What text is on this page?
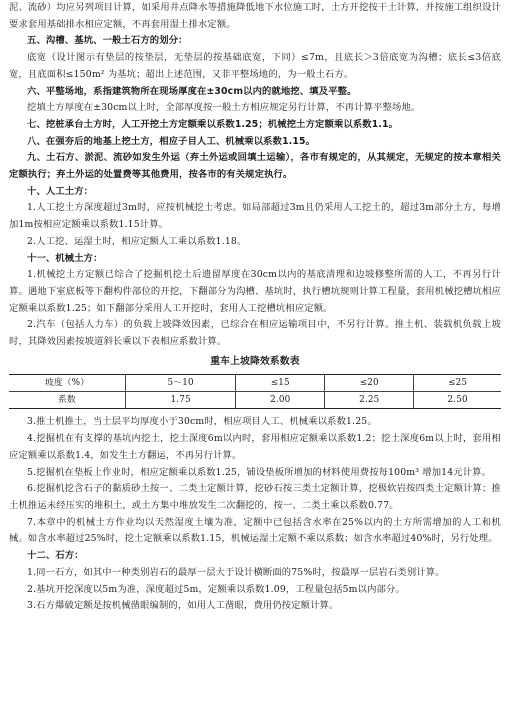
泥、流砂）均应另列项目计算，如采用井点降水等措施降低地下水位施工时，土方开挖按干土计算，并按施工组织设计要求套用基础排水相应定额，不再套用湿土排水定额。

五、沟槽、基坑、一般土石方的划分：

底宽（设计图示有垫层的按垫层，无垫层的按基础底宽，下同）≤7m，且底长＞3倍底宽为沟槽；底长≤3倍底宽，且底面积≤150m² 为基坑；超出上述范围，又非平整场地的，为一般土石方。

六、平整场地，系指建筑物所在现场厚度在±30cm以内的就地挖、填及平整。

挖填土方厚度在±30cm以上时，全部厚度按一般土方相应规定另行计算，不再计算平整场地。

七、挖桩承台土方时，人工开挖土方定额乘以系数1.25；机械挖土方定额乘以系数1.1。

八、在强夯后的地基上挖土方，相应子目人工、机械乘以系数1.15。

九、土石方、淤泥、流砂如发生外运（弃土外运或回填土运输），各市有规定的，从其规定，无规定的按本章相关定额执行；弃土外运的处置费等其他费用，按各市的有关规定执行。

十、人工土方：

1.人工挖土方深度超过3m时，应按机械挖土考虑。如局部超过3m且仍采用人工挖土的，超过3m部分土方，每增加1m按相应定额乘以系数1.15计算。

2.人工挖、运湿土时，相应定额人工乘以系数1.18。

十一、机械土方：

1.机械挖土方定额已综合了挖掘机挖土后遗留厚度在30cm以内的基底清理和边坡修整所需的人工，不再另行计算。遇地下室底板等下翻构件部位的开挖，下翻部分为沟槽、基坑时，执行槽坑规则计算工程量，套用机械挖槽坑相应定额乘以系数1.25；如下翻部分采用人工开挖时，套用人工挖槽坑相应定额。

2.汽车（包括人力车）的负载上坡降效因素，已综合在相应运输项目中，不另行计算。推土机、装载机负载上坡时，其降效因素按坡道斜长乘以下表相应系数计算。

重车上坡降效系数表
坡度（%）	5～10	≤15	≤20	≤25
系数	1.75	2.00	2.25	2.50

3.推土机推土，当土层平均厚度小于30cm时，相应项目人工、机械乘以系数1.25。

4.挖掘机在有支撑的基坑内挖土，挖土深度6m以内时，套用相应定额乘以系数1.2；挖土深度6m以上时，套用相应定额乘以系数1.4，如发生土方翻运，不再另行计算。

5.挖掘机在垫板上作业时，相应定额乘以系数1.25，铺设垫板所增加的材料使用费按每100m³ 增加14元计算。

6.挖掘机挖含石子的黏质砂土按一、二类土定额计算，挖砂石按三类土定额计算，挖极软岩按四类土定额计算；推土机推运未经压实的堆积土，或土方集中堆放发生二次翻挖的，按一、二类土乘以系数0.77。

7.本章中的机械土方作业均以天然湿度土壤为准，定额中已包括含水率在25%以内的土方所需增加的人工和机械。如含水率超过25%时，挖土定额乘以系数1.15，机械运湿土定额不乘以系数；如含水率超过40%时，另行处理。

十二、石方：

1.同一石方，如其中一种类别岩石的最厚一层大于设计横断面的75%时，按最厚一层岩石类别计算。

2.基坑开挖深度以5m为准，深度超过5m，定额乘以系数1.09，工程量包括5m以内部分。

3.石方爆破定额是按机械凿眼编制的，如用人工凿眼，费用仍按定额计算。
